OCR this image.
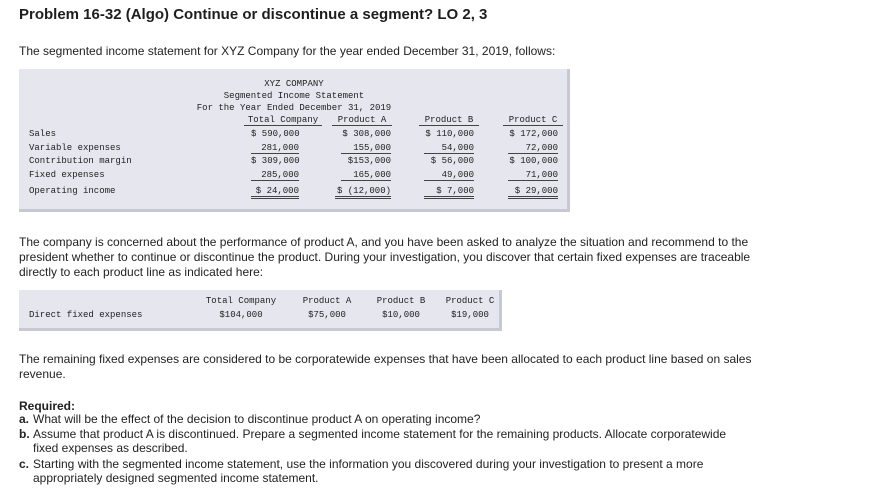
Problem 16-32 (Algo) Continue or discontinue a segment? LO 2, 3
The segmented income statement for XYZ Company for the year ended December 31, 2019, follows:
XYZ COMPANY
Segmented Income Statement
For the Year Ended December 31, 2019
Total Company	Product A	Product B	Product C
Sales	$ 590,000	$ 308,000	$ 110,000	$ 172,000
Variable expenses	281,000	155,000	54,000	72,000
Contribution margin	$ 309,000	$153,000	$ 56,000	$ 100,000
Fixed expenses	285,000	165,000	49,000	71,000
Operating income	$ 24,000	$ (12,000)	$ 7,000	$ 29,000
The company is concerned about the performance of product A, and you have been asked to analyze the situation and recommend to the president whether to continue or discontinue the product. During your investigation, you discover that certain fixed expenses are traceable directly to each product line as indicated here:
Total Company	Product A	Product B	Product C
Direct fixed expenses	$104,000	$75,000	$10,000	$19,000
The remaining fixed expenses are considered to be corporatewide expenses that have been allocated to each product line based on sales revenue.
Required:
a. What will be the effect of the decision to discontinue product A on operating income?
b. Assume that product A is discontinued. Prepare a segmented income statement for the remaining products. Allocate corporatewide fixed expenses as described.
c. Starting with the segmented income statement, use the information you discovered during your investigation to present a more appropriately designed segmented income statement.
